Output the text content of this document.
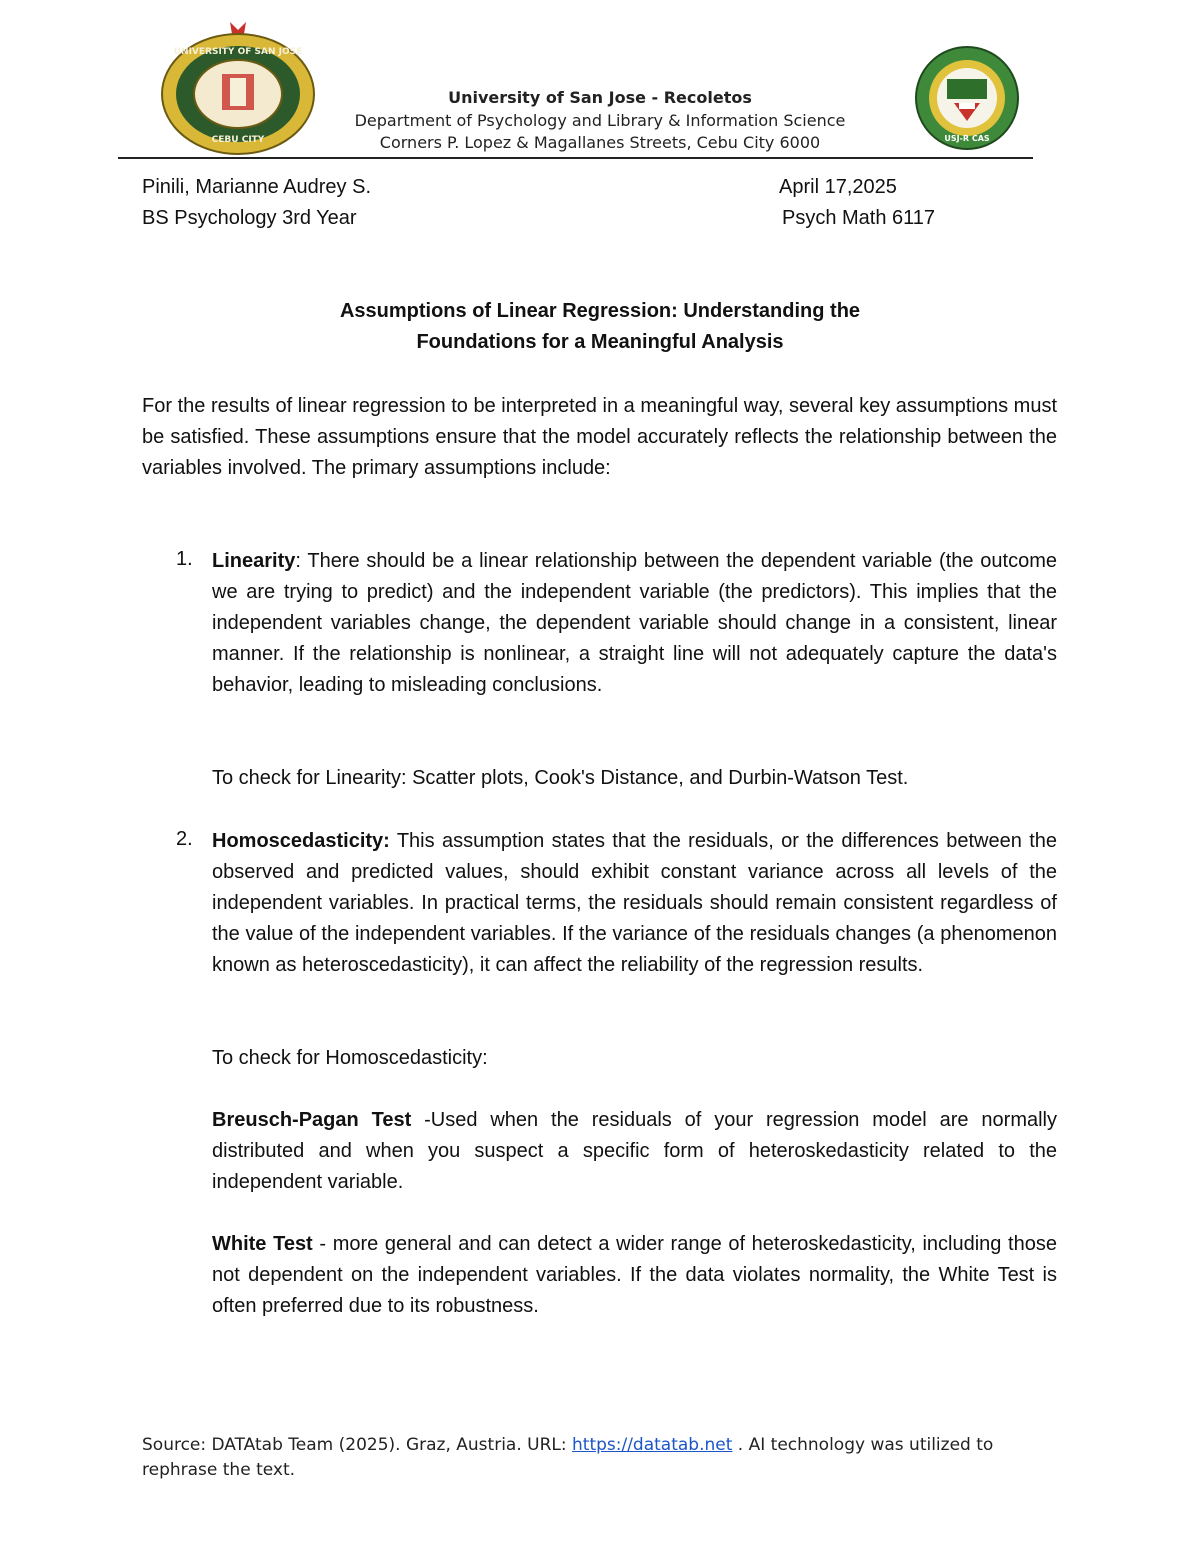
UNIVERSITY OF SAN JOSE
CEBU CITY	USJ-R CAS
University of San Jose - Recoletos
Department of Psychology and Library & Information Science
Corners P. Lopez & Magallanes Streets, Cebu City 6000
Pinili, Marianne Audrey S.
BS Psychology 3rd Year
April 17,2025
Psych Math 6117
Assumptions of Linear Regression: Understanding the
Foundations for a Meaningful Analysis
For the results of linear regression to be interpreted in a meaningful way, several key assumptions must be satisfied. These assumptions ensure that the model accurately reflects the relationship between the variables involved. The primary assumptions include:
1. Linearity: There should be a linear relationship between the dependent variable (the outcome we are trying to predict) and the independent variable (the predictors). This implies that the independent variables change, the dependent variable should change in a consistent, linear manner. If the relationship is nonlinear, a straight line will not adequately capture the data's behavior, leading to misleading conclusions.
To check for Linearity: Scatter plots, Cook's Distance, and Durbin-Watson Test.
2. Homoscedasticity: This assumption states that the residuals, or the differences between the observed and predicted values, should exhibit constant variance across all levels of the independent variables. In practical terms, the residuals should remain consistent regardless of the value of the independent variables. If the variance of the residuals changes (a phenomenon known as heteroscedasticity), it can affect the reliability of the regression results.
To check for Homoscedasticity:
Breusch-Pagan Test -Used when the residuals of your regression model are normally distributed and when you suspect a specific form of heteroskedasticity related to the independent variable.
White Test - more general and can detect a wider range of heteroskedasticity, including those not dependent on the independent variables. If the data violates normality, the White Test is often preferred due to its robustness.
Source: DATAtab Team (2025). Graz, Austria. URL: https://datatab.net . AI technology was utilized to rephrase the text.
